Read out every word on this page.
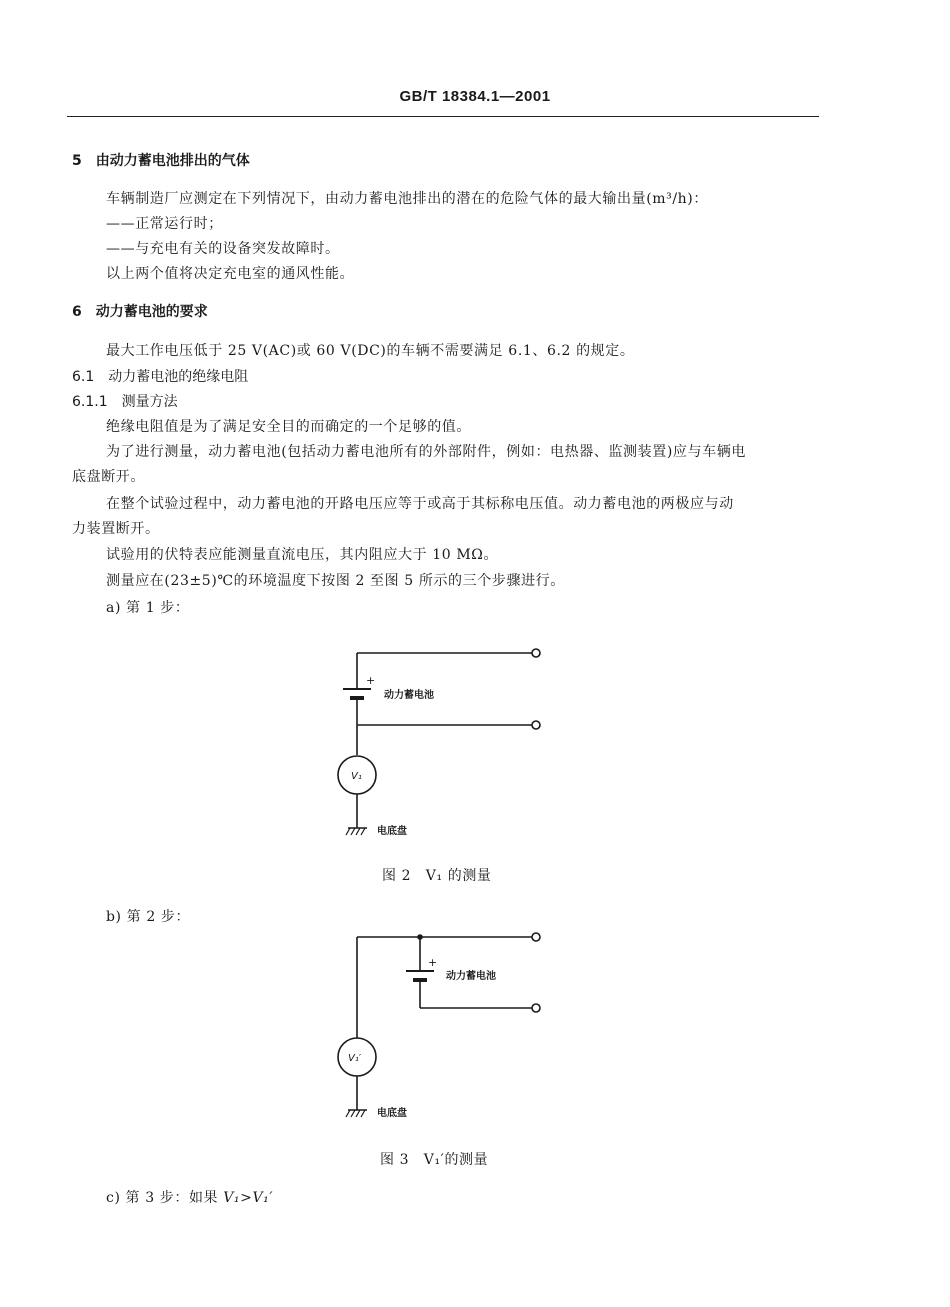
GB/T 18384.1—2001
5　由动力蓄电池排出的气体
车辆制造厂应测定在下列情况下，由动力蓄电池排出的潜在的危险气体的最大输出量(m³/h)：
——正常运行时；
——与充电有关的设备突发故障时。
以上两个值将决定充电室的通风性能。
6　动力蓄电池的要求
最大工作电压低于 25 V(AC)或 60 V(DC)的车辆不需要满足 6.1、6.2 的规定。
6.1　动力蓄电池的绝缘电阻
6.1.1　测量方法
绝缘电阻值是为了满足安全目的而确定的一个足够的值。
为了进行测量，动力蓄电池(包括动力蓄电池所有的外部附件，例如：电热器、监测装置)应与车辆电
底盘断开。
在整个试验过程中，动力蓄电池的开路电压应等于或高于其标称电压值。动力蓄电池的两极应与动
力装置断开。
试验用的伏特表应能测量直流电压，其内阻应大于 10 MΩ。
测量应在(23±5)℃的环境温度下按图 2 至图 5 所示的三个步骤进行。
a) 第 1 步：
+
动力蓄电池
V₁
电底盘
+
动力蓄电池
V₁′
电底盘
图 2　V₁ 的测量
b) 第 2 步：
图 3　V₁′的测量
c) 第 3 步：如果 V₁>V₁′
